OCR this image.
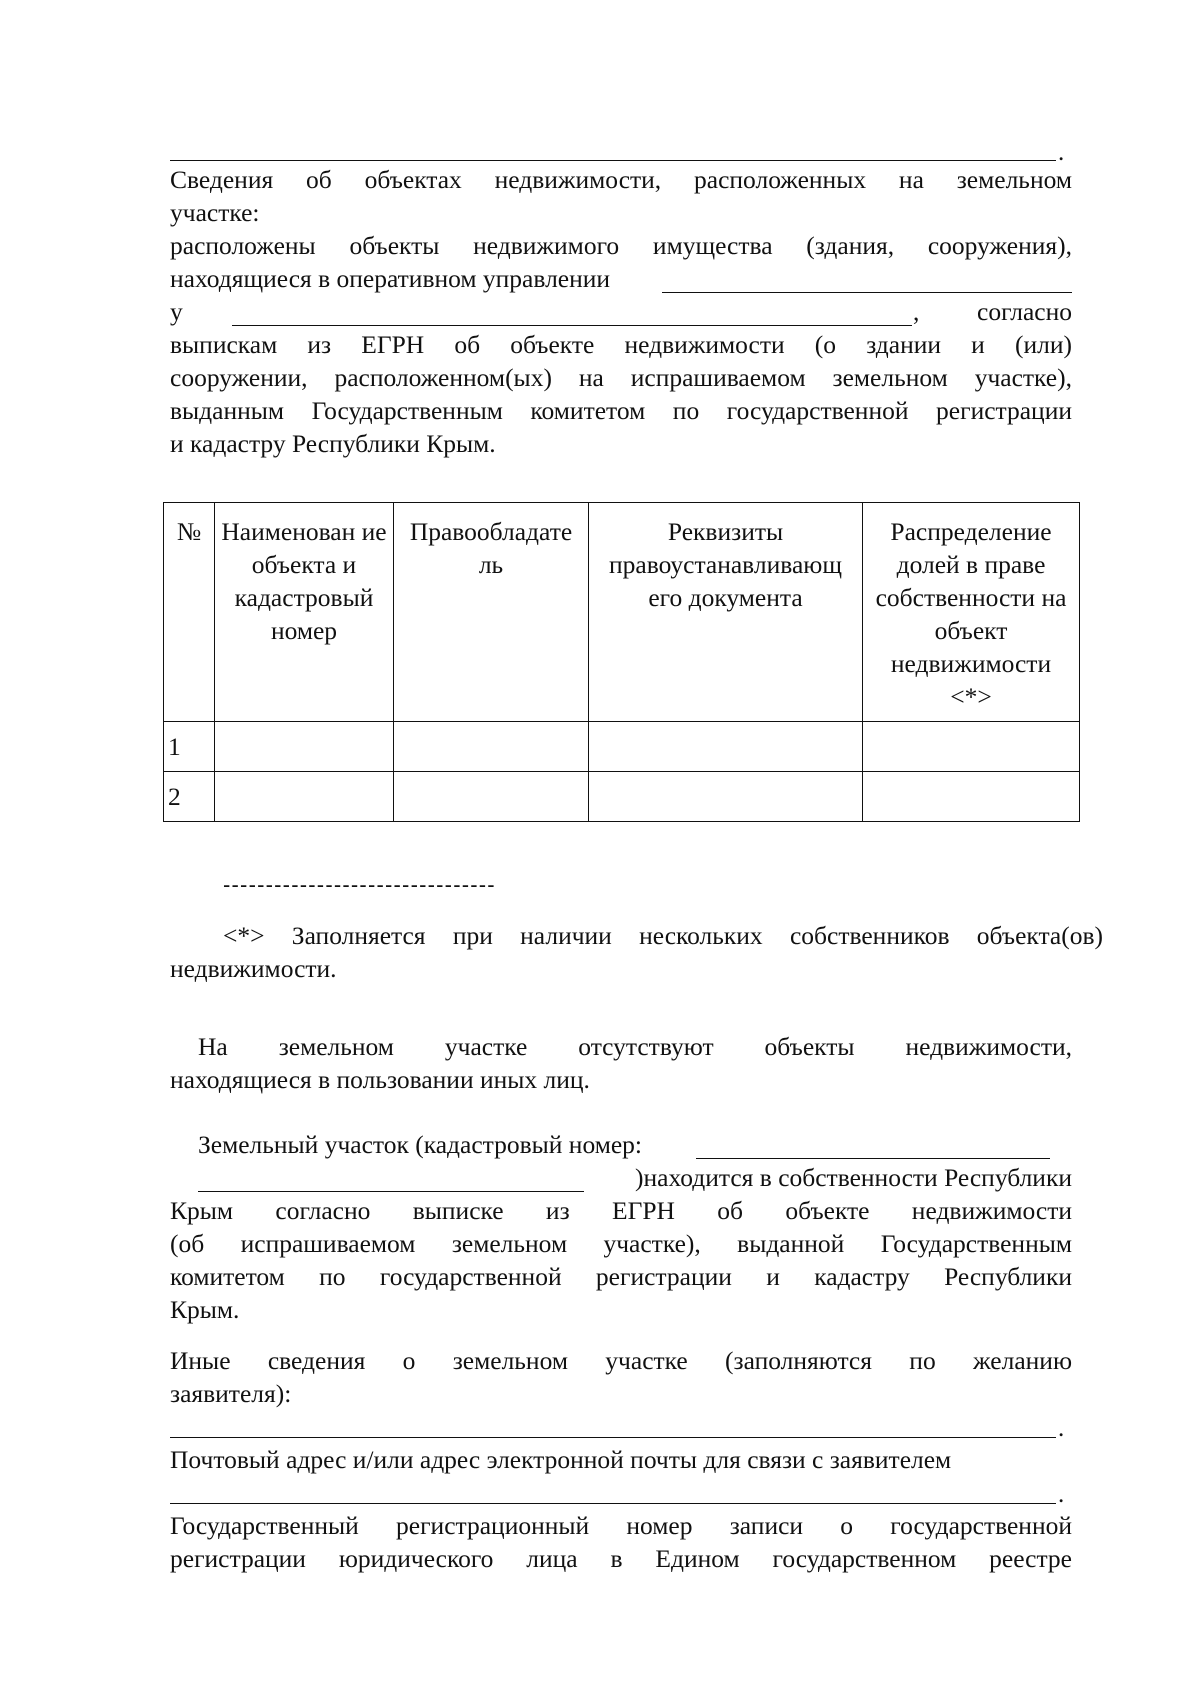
.
Сведения об объектах недвижимости, расположенных на земельном
участке:
расположены объекты недвижимого имущества (здания, сооружения),
находящиеся в оперативном управлении
у	,	согласно
выпискам из ЕГРН об объекте недвижимости (о здании и (или)
сооружении, расположенном(ых) на испрашиваемом земельном участке),
выданным Государственным комитетом по государственной регистрации
и кадастру Республики Крым.
№	Наименован ие объекта и кадастровый номер	Правообладате ль	Реквизиты правоустанавливающ его документа	Распределение долей в праве собственности на объект недвижимости <*>
1				
2				
--------------------------------
<*> Заполняется при наличии нескольких собственников объекта(ов)
недвижимости.
На земельном участке отсутствуют объекты недвижимости,
находящиеся в пользовании иных лиц.
Земельный участок (кадастровый номер:
)находится в собственности Республики
Крым согласно выписке из ЕГРН об объекте недвижимости
(об испрашиваемом земельном участке), выданной Государственным
комитетом по государственной регистрации и кадастру Республики
Крым.
Иные сведения о земельном участке (заполняются по желанию
заявителя):
.
Почтовый адрес и/или адрес электронной почты для связи с заявителем
.
Государственный регистрационный номер записи о государственной
регистрации юридического лица в Едином государственном реестре
